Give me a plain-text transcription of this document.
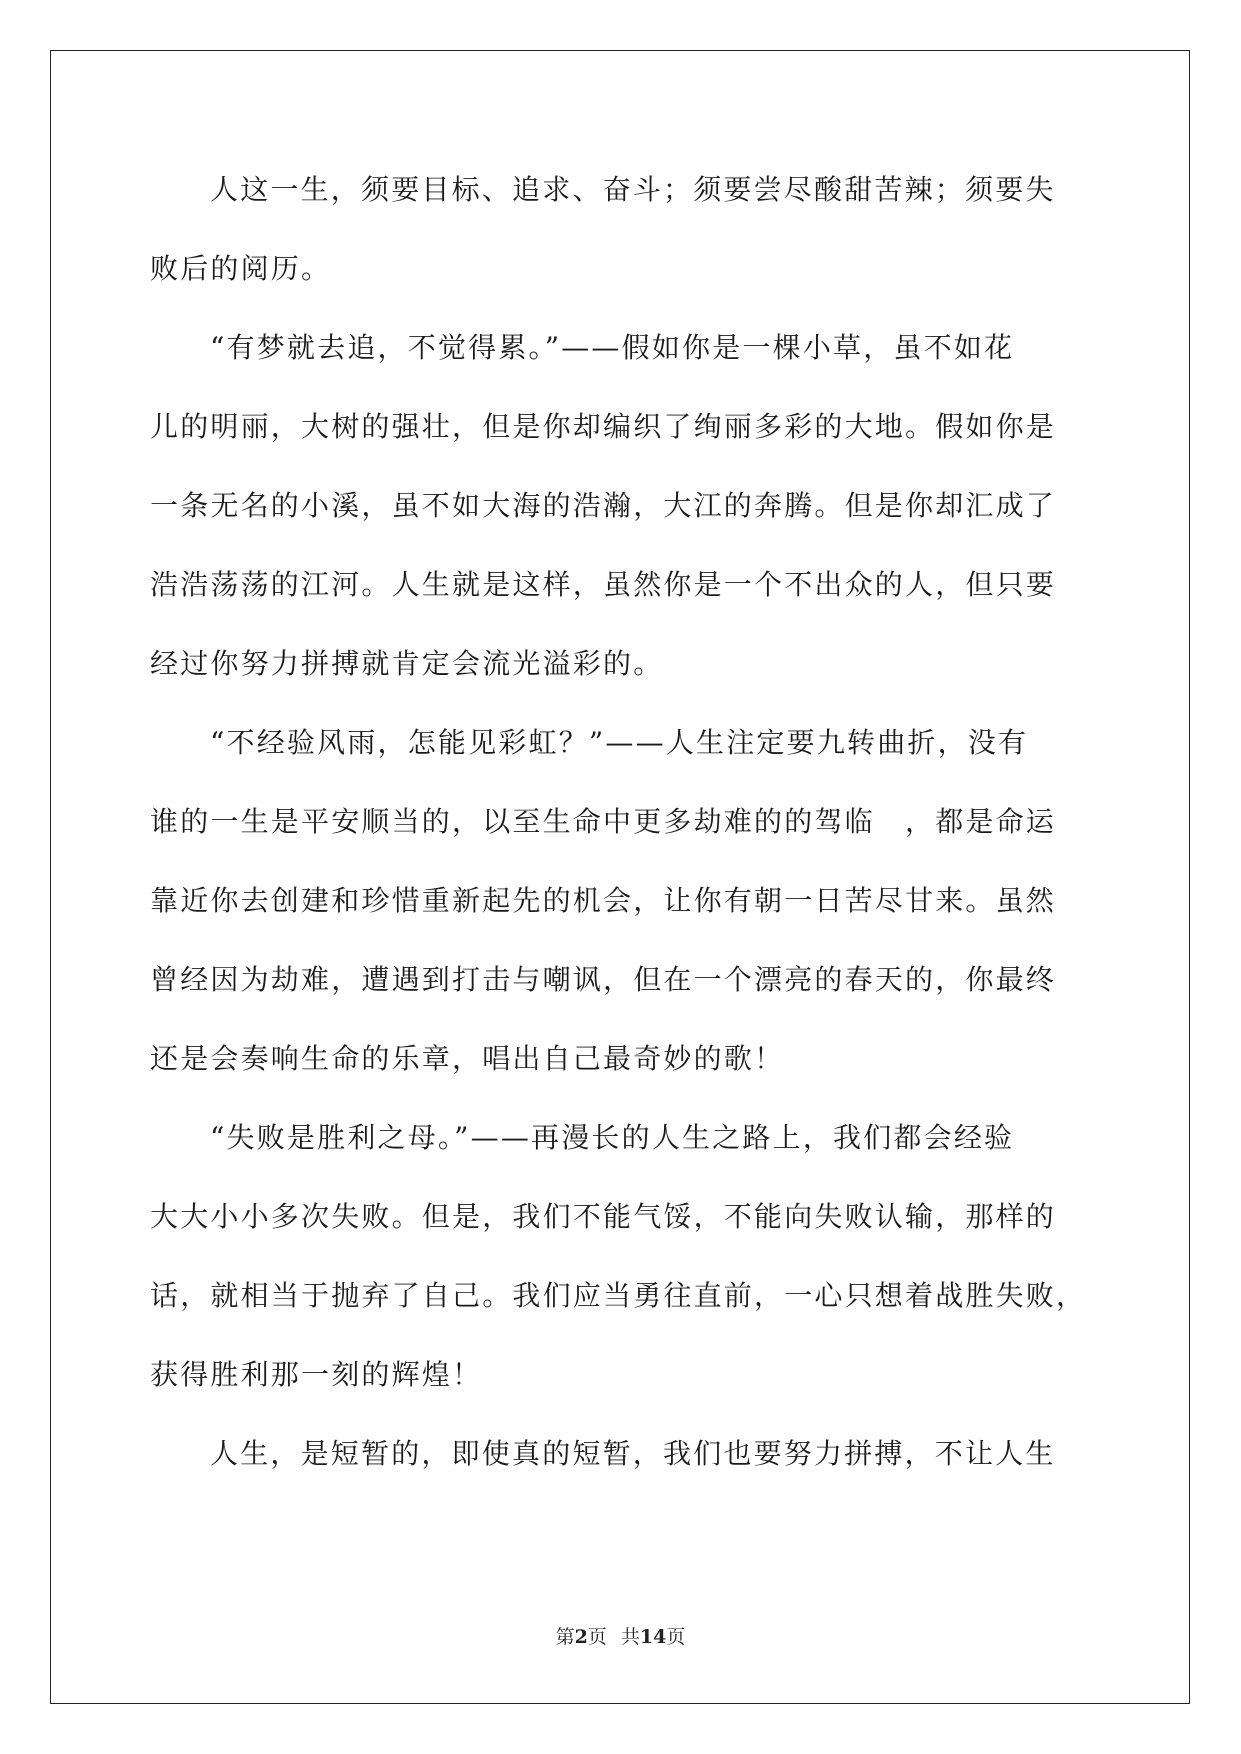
人这一生，须要目标、追求、奋斗；须要尝尽酸甜苦辣；须要失
败后的阅历。
“有梦就去追，不觉得累。”——假如你是一棵小草，虽不如花
儿的明丽，大树的强壮，但是你却编织了绚丽多彩的大地。假如你是
一条无名的小溪，虽不如大海的浩瀚，大江的奔腾。但是你却汇成了
浩浩荡荡的江河。人生就是这样，虽然你是一个不出众的人，但只要
经过你努力拼搏就肯定会流光溢彩的。
“不经验风雨，怎能见彩虹？”——人生注定要九转曲折，没有
谁的一生是平安顺当的，以至生命中更多劫难的的驾临　，都是命运
靠近你去创建和珍惜重新起先的机会，让你有朝一日苦尽甘来。虽然
曾经因为劫难，遭遇到打击与嘲讽，但在一个漂亮的春天的，你最终
还是会奏响生命的乐章，唱出自己最奇妙的歌！
“失败是胜利之母。”——再漫长的人生之路上，我们都会经验
大大小小多次失败。但是，我们不能气馁，不能向失败认输，那样的
话，就相当于抛弃了自己。我们应当勇往直前，一心只想着战胜失败，
获得胜利那一刻的辉煌！
人生，是短暂的，即使真的短暂，我们也要努力拼搏，不让人生
第2页 共14页
